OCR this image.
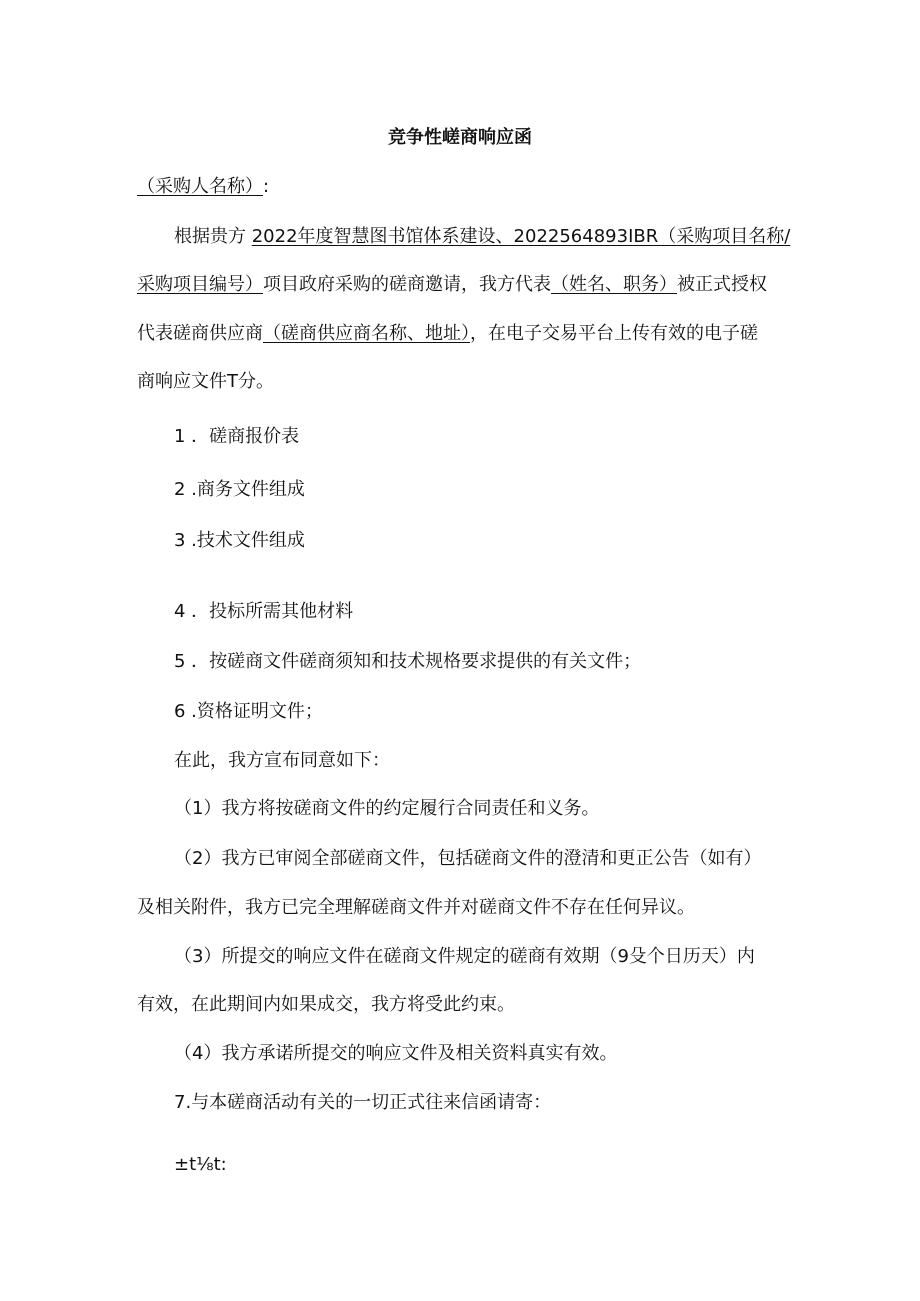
竞争性嵯商响应函
（采购人名称）:
根据贵方 2022年度智慧图书馆体系建设、2022564893IBR（采购项目名称/
采购项目编号）项目政府采购的磋商邀请，我方代表（姓名、职务）被正式授权
代表磋商供应商（磋商供应商名称、地址），在电子交易平台上传有效的电子磋
商响应文件T分。
1 ．磋商报价表
2 .商务文件组成
3 .技术文件组成
4 ．投标所需其他材料
5 ．按磋商文件磋商须知和技术规格要求提供的有关文件；
6 .资格证明文件；
在此，我方宣布同意如下：
（1）我方将按磋商文件的约定履行合同责任和义务。
（2）我方已审阅全部磋商文件，包括磋商文件的澄清和更正公告（如有）
及相关附件，我方已完全理解磋商文件并对磋商文件不存在任何异议。
（3）所提交的响应文件在磋商文件规定的磋商有效期（9殳个日历天）内
有效，在此期间内如果成交，我方将受此约束。
（4）我方承诺所提交的响应文件及相关资料真实有效。
7.与本磋商活动有关的一切正式往来信函请寄：
±t⅛t:
